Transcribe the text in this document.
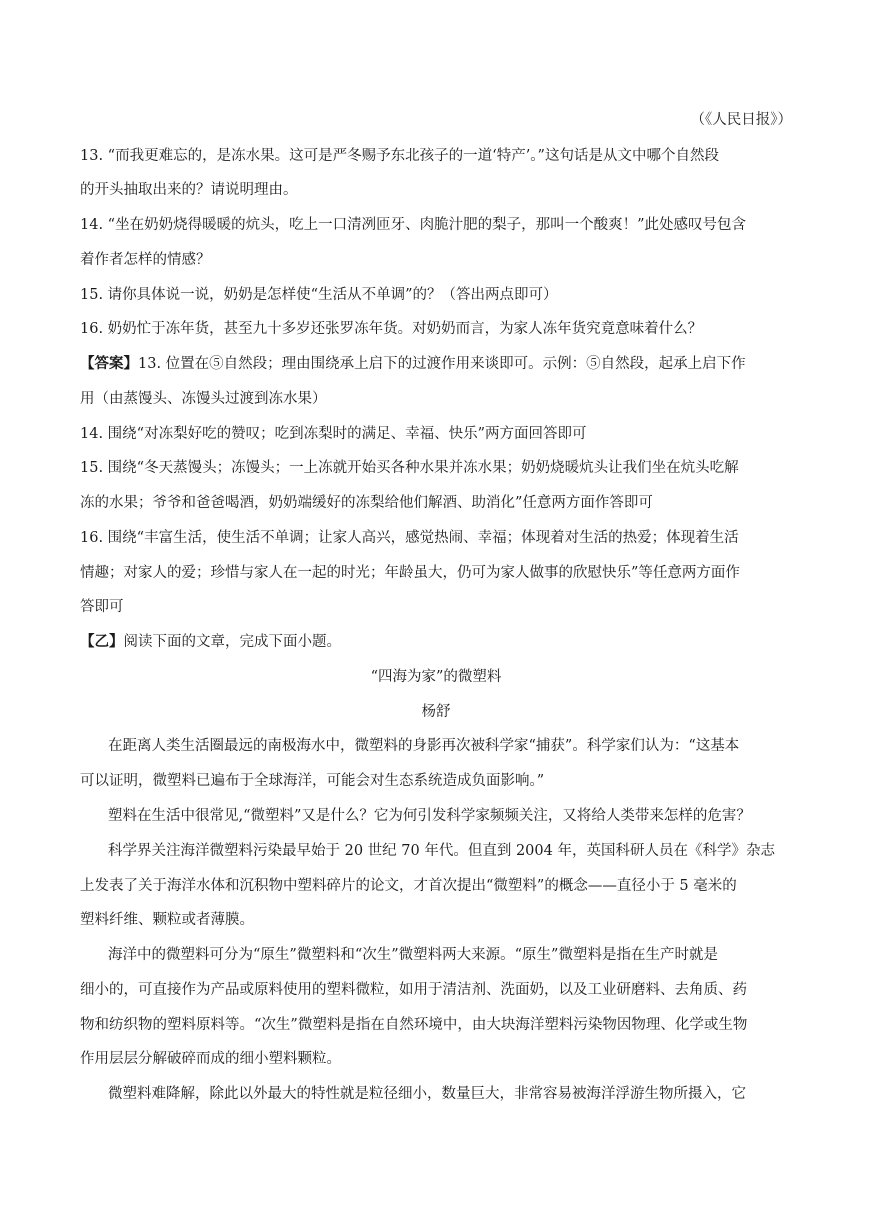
（《人民日报》）
13. “而我更难忘的，是冻水果。这可是严冬赐予东北孩子的一道‘特产’。”这句话是从文中哪个自然段
的开头抽取出来的？请说明理由。
14. “坐在奶奶烧得暖暖的炕头，吃上一口清冽匝牙、肉脆汁肥的梨子，那叫一个酸爽！”此处感叹号包含
着作者怎样的情感？
15. 请你具体说一说，奶奶是怎样使“生活从不单调”的？（答出两点即可）
16. 奶奶忙于冻年货，甚至九十多岁还张罗冻年货。对奶奶而言，为家人冻年货究竟意味着什么？
【答案】13. 位置在⑤自然段；理由围绕承上启下的过渡作用来谈即可。示例：⑤自然段，起承上启下作
用（由蒸馒头、冻馒头过渡到冻水果）
14. 围绕“对冻梨好吃的赞叹；吃到冻梨时的满足、幸福、快乐”两方面回答即可
15. 围绕“冬天蒸馒头；冻馒头；一上冻就开始买各种水果并冻水果；奶奶烧暖炕头让我们坐在炕头吃解
冻的水果；爷爷和爸爸喝酒，奶奶端缓好的冻梨给他们解酒、助消化”任意两方面作答即可
16. 围绕“丰富生活，使生活不单调；让家人高兴，感觉热闹、幸福；体现着对生活的热爱；体现着生活
情趣；对家人的爱；珍惜与家人在一起的时光；年龄虽大，仍可为家人做事的欣慰快乐”等任意两方面作
答即可
【乙】阅读下面的文章，完成下面小题。
“四海为家”的微塑料
杨舒
在距离人类生活圈最远的南极海水中，微塑料的身影再次被科学家“捕获”。科学家们认为：“这基本
可以证明，微塑料已遍布于全球海洋，可能会对生态系统造成负面影响。”
塑料在生活中很常见,“微塑料”又是什么？它为何引发科学家频频关注，又将给人类带来怎样的危害？
科学界关注海洋微塑料污染最早始于 20 世纪 70 年代。但直到 2004 年，英国科研人员在《科学》杂志
上发表了关于海洋水体和沉积物中塑料碎片的论文，才首次提出“微塑料”的概念——直径小于 5 毫米的
塑料纤维、颗粒或者薄膜。
海洋中的微塑料可分为“原生”微塑料和“次生”微塑料两大来源。“原生”微塑料是指在生产时就是
细小的，可直接作为产品或原料使用的塑料微粒，如用于清洁剂、洗面奶，以及工业研磨料、去角质、药
物和纺织物的塑料原料等。“次生”微塑料是指在自然环境中，由大块海洋塑料污染物因物理、化学或生物
作用层层分解破碎而成的细小塑料颗粒。
微塑料难降解，除此以外最大的特性就是粒径细小，数量巨大，非常容易被海洋浮游生物所摄入，它
